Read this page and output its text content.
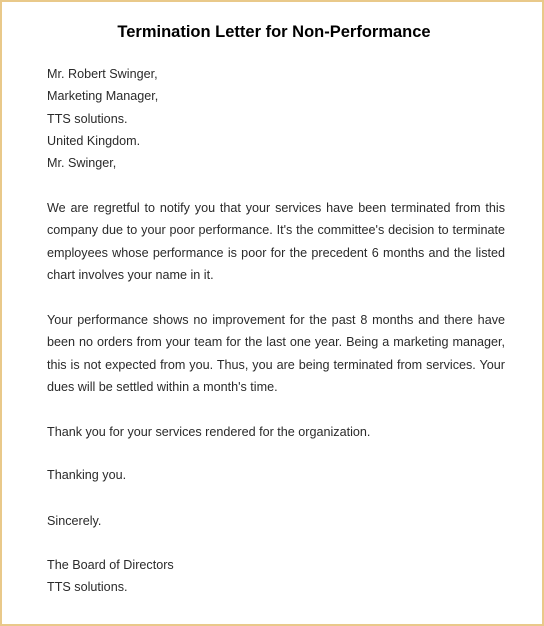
Termination Letter for Non-Performance
Mr. Robert Swinger,
Marketing Manager,
TTS solutions.
United Kingdom.
Mr. Swinger,

We are regretful to notify you that your services have been terminated from this company due to your poor performance. It's the committee's decision to terminate employees whose performance is poor for the precedent 6 months and the listed chart involves your name in it.

Your performance shows no improvement for the past 8 months and there have been no orders from your team for the last one year. Being a marketing manager, this is not expected from you. Thus, you are being terminated from services. Your dues will be settled within a month's time.

Thank you for your services rendered for the organization.

Thanking you.

Sincerely.

The Board of Directors
TTS solutions.
